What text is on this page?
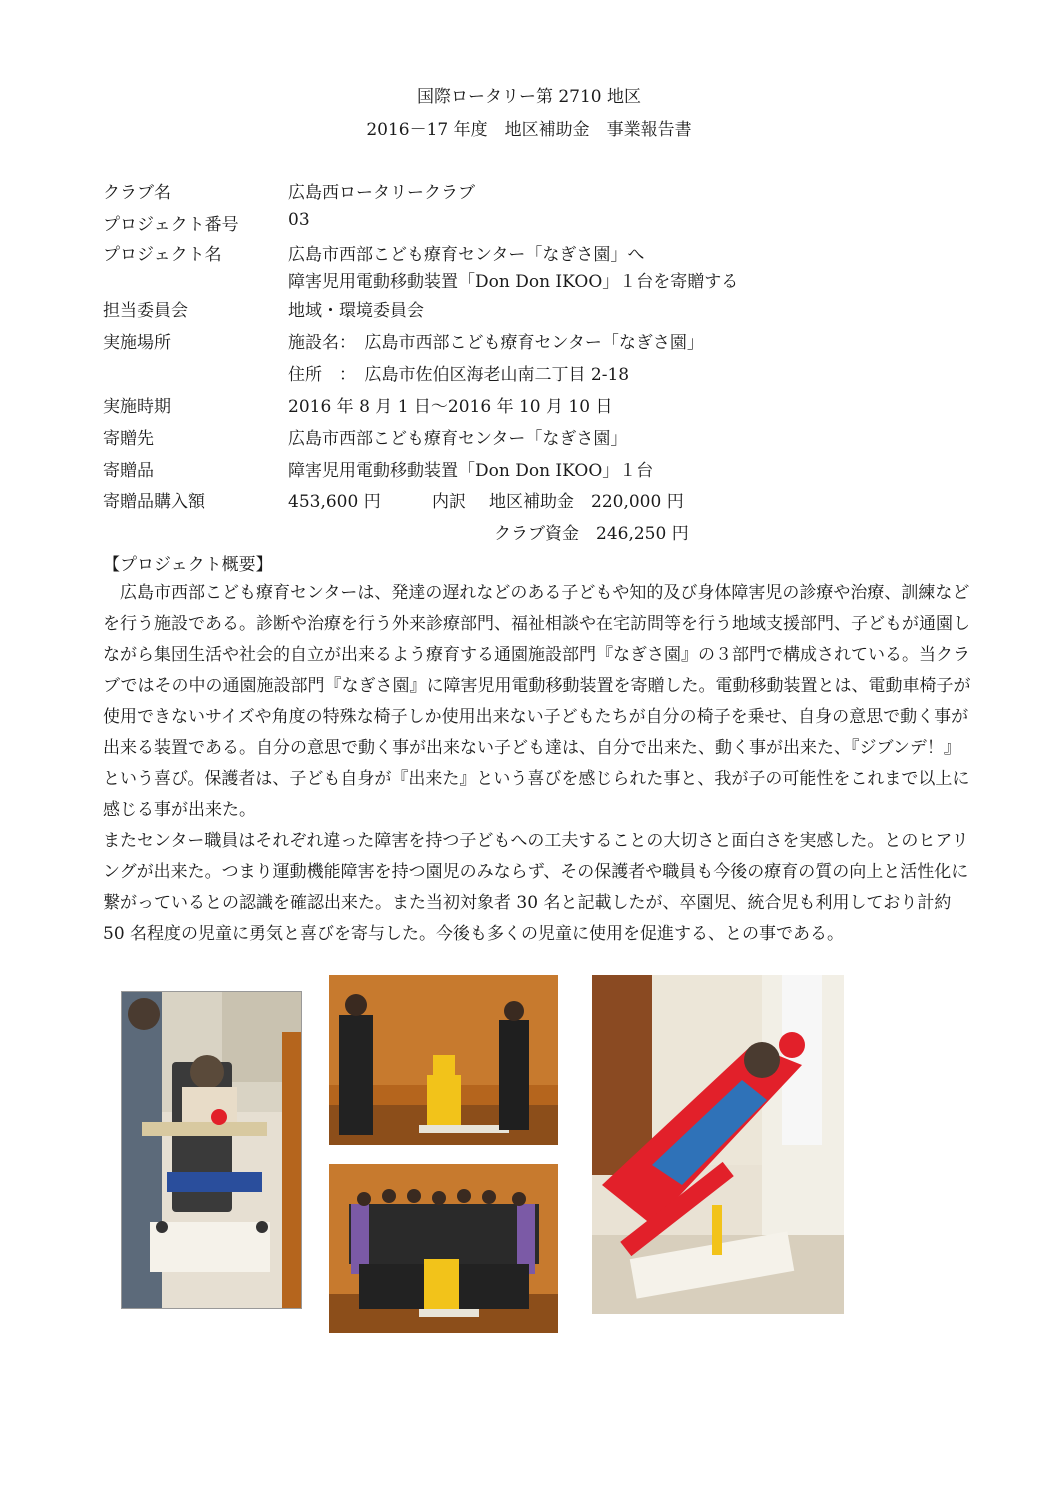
国際ロータリー第 2710 地区
2016－17 年度　地区補助金　事業報告書
クラブ名	広島西ロータリークラブ
プロジェクト番号	03
プロジェクト名	広島市西部こども療育センター「なぎさ園」へ
障害児用電動移動装置「Don Don IKOO」１台を寄贈する
担当委員会	地域・環境委員会
実施場所	施設名：　広島市西部こども療育センター「なぎさ園」
住所　：　広島市佐伯区海老山南二丁目 2-18
実施時期	2016 年 8 月 1 日～2016 年 10 月 10 日
寄贈先	広島市西部こども療育センター「なぎさ園」
寄贈品	障害児用電動移動装置「Don Don IKOO」１台
寄贈品購入額	453,600 円	内訳 地区補助金　220,000 円
クラブ資金　246,250 円
【プロジェクト概要】

広島市西部こども療育センターは、発達の遅れなどのある子どもや知的及び身体障害児の診療や治療、訓練などを行う施設である。診断や治療を行う外来診療部門、福祉相談や在宅訪問等を行う地域支援部門、子どもが通園しながら集団生活や社会的自立が出来るよう療育する通園施設部門『なぎさ園』の３部門で構成されている。当クラブではその中の通園施設部門『なぎさ園』に障害児用電動移動装置を寄贈した。電動移動装置とは、電動車椅子が使用できないサイズや角度の特殊な椅子しか使用出来ない子どもたちが自分の椅子を乗せ、自身の意思で動く事が出来る装置である。自分の意思で動く事が出来ない子ども達は、自分で出来た、動く事が出来た、『ジブンデ！』という喜び。保護者は、子ども自身が『出来た』という喜びを感じられた事と、我が子の可能性をこれまで以上に感じる事が出来た。

またセンター職員はそれぞれ違った障害を持つ子どもへの工夫することの大切さと面白さを実感した。とのヒアリングが出来た。つまり運動機能障害を持つ園児のみならず、その保護者や職員も今後の療育の質の向上と活性化に繋がっているとの認識を確認出来た。また当初対象者 30 名と記載したが、卒園児、統合児も利用しており計約 50 名程度の児童に勇気と喜びを寄与した。今後も多くの児童に使用を促進する、との事である。
